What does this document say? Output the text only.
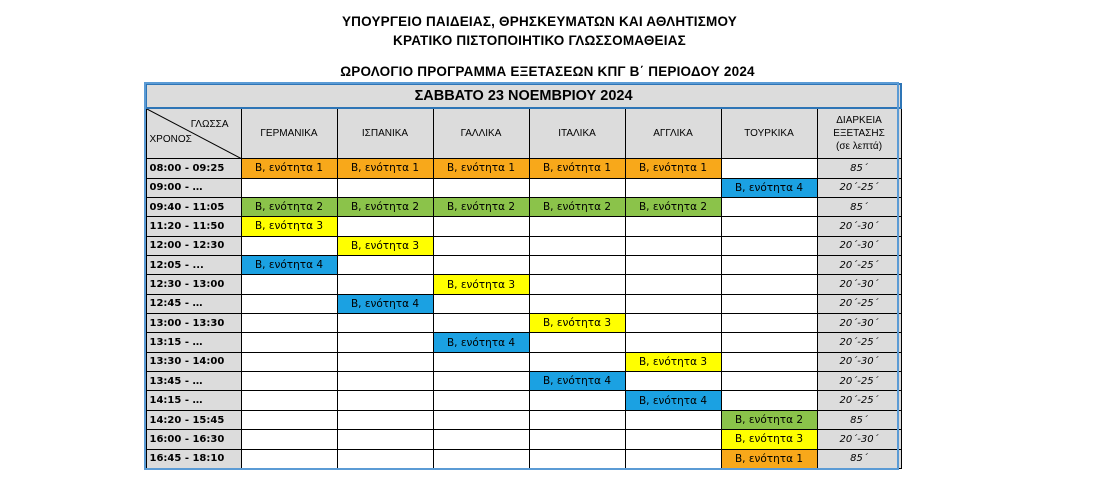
ΥΠΟΥΡΓΕΙΟ ΠΑΙΔΕΙΑΣ, ΘΡΗΣΚΕΥΜΑΤΩΝ ΚΑΙ ΑΘΛΗΤΙΣΜΟΥ
ΚΡΑΤΙΚΟ ΠΙΣΤΟΠΟΙΗΤΙΚΟ ΓΛΩΣΣΟΜΑΘΕΙΑΣ
ΩΡΟΛΟΓΙΟ ΠΡΟΓΡΑΜΜΑ ΕΞΕΤΑΣΕΩΝ ΚΠΓ Β΄ ΠΕΡΙΟΔΟΥ 2024
ΣΑΒΒΑΤΟ 23 ΝΟΕΜΒΡΙΟΥ 2024							

ΓΛΩΣΣΑ
ΧΡΟΝΟΣ	ΓΕΡΜΑΝΙΚΑ	ΙΣΠΑΝΙΚΑ	ΓΑΛΛΙΚΑ	ΙΤΑΛΙΚΑ	ΑΓΓΛΙΚΑ	ΤΟΥΡΚΙΚΑ	ΔΙΑΡΚΕΙΑ
ΕΞΕΤΑΣΗΣ
(σε λεπτά)
08:00 - 09:25	Β, ενότητα 1	Β, ενότητα 1	Β, ενότητα 1	Β, ενότητα 1	Β, ενότητα 1		85΄
09:00 - …						Β, ενότητα 4	20΄-25΄
09:40 - 11:05	Β, ενότητα 2	Β, ενότητα 2	Β, ενότητα 2	Β, ενότητα 2	Β, ενότητα 2		85΄
11:20 - 11:50	Β, ενότητα 3						20΄-30΄
12:00 - 12:30		Β, ενότητα 3					20΄-30΄
12:05 - ...	Β, ενότητα 4						20΄-25΄
12:30 - 13:00			Β, ενότητα 3				20΄-30΄
12:45 - …		Β, ενότητα 4					20΄-25΄
13:00 - 13:30				Β, ενότητα 3			20΄-30΄
13:15 - …			Β, ενότητα 4				20΄-25΄
13:30 - 14:00					Β, ενότητα 3		20΄-30΄
13:45 - …				Β, ενότητα 4			20΄-25΄
14:15 - …					Β, ενότητα 4		20΄-25΄
14:20 - 15:45						Β, ενότητα 2	85΄
16:00 - 16:30						Β, ενότητα 3	20΄-30΄
16:45 - 18:10						Β, ενότητα 1	85΄
